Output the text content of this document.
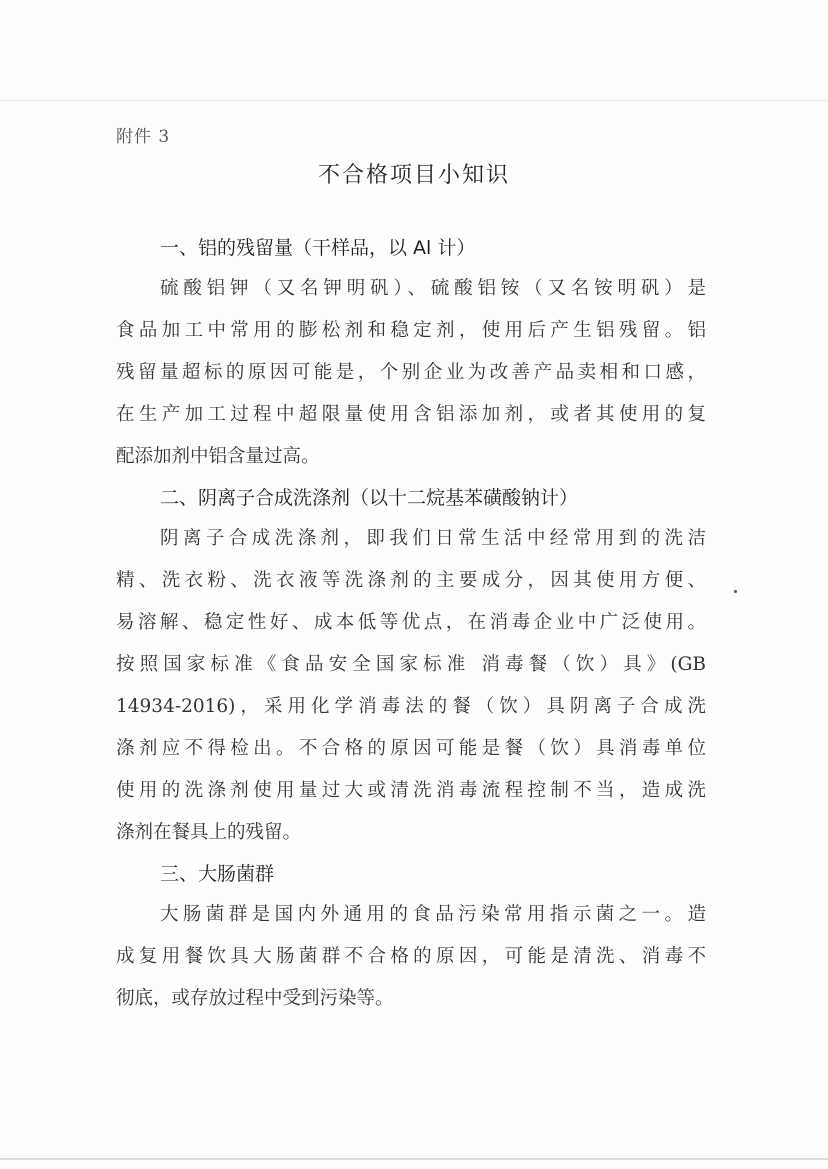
附件 3
不合格项目小知识
一、铝的残留量（干样品，以 Al 计）
硫酸铝钾（又名钾明矾）、硫酸铝铵（又名铵明矾）是
食品加工中常用的膨松剂和稳定剂，使用后产生铝残留。铝
残留量超标的原因可能是，个别企业为改善产品卖相和口感，
在生产加工过程中超限量使用含铝添加剂，或者其使用的复
配添加剂中铝含量过高。
二、阴离子合成洗涤剂（以十二烷基苯磺酸钠计）
阴离子合成洗涤剂，即我们日常生活中经常用到的洗洁
精、洗衣粉、洗衣液等洗涤剂的主要成分，因其使用方便、
易溶解、稳定性好、成本低等优点，在消毒企业中广泛使用。
按照国家标准《食品安全国家标准 消毒餐（饮）具》(GB
14934-2016)，采用化学消毒法的餐（饮）具阴离子合成洗
涤剂应不得检出。不合格的原因可能是餐（饮）具消毒单位
使用的洗涤剂使用量过大或清洗消毒流程控制不当，造成洗
涤剂在餐具上的残留。
三、大肠菌群
大肠菌群是国内外通用的食品污染常用指示菌之一。造
成复用餐饮具大肠菌群不合格的原因，可能是清洗、消毒不
彻底，或存放过程中受到污染等。
